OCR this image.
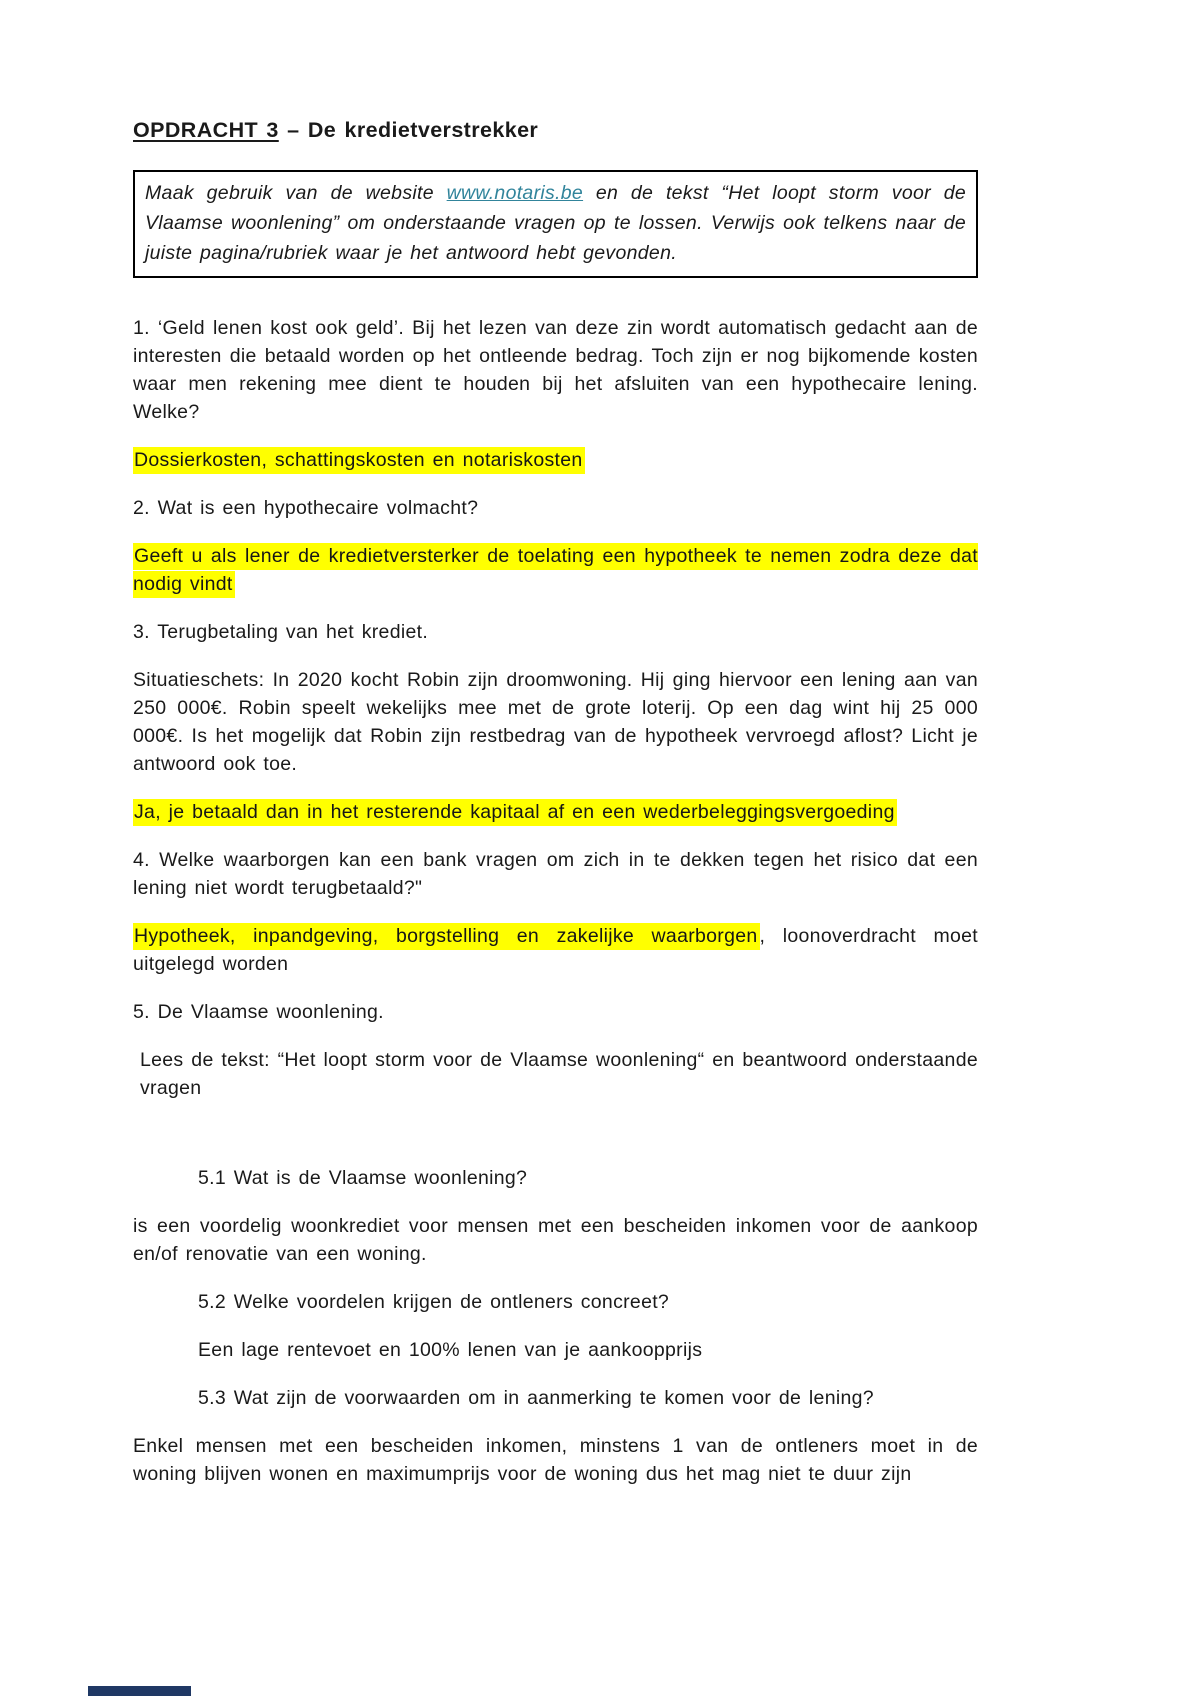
OPDRACHT 3 – De kredietverstrekker
Maak gebruik van de website www.notaris.be en de tekst “Het loopt storm voor de Vlaamse woonlening” om onderstaande vragen op te lossen. Verwijs ook telkens naar de juiste pagina/rubriek waar je het antwoord hebt gevonden.

1. ‘Geld lenen kost ook geld’. Bij het lezen van deze zin wordt automatisch gedacht aan de interesten die betaald worden op het ontleende bedrag. Toch zijn er nog bijkomende kosten waar men rekening mee dient te houden bij het afsluiten van een hypothecaire lening. Welke?

Dossierkosten, schattingskosten en notariskosten

2. Wat is een hypothecaire volmacht?

Geeft u als lener de kredietversterker de toelating een hypotheek te nemen zodra deze dat nodig vindt

3. Terugbetaling van het krediet.

Situatieschets: In 2020 kocht Robin zijn droomwoning. Hij ging hiervoor een lening aan van 250 000€. Robin speelt wekelijks mee met de grote loterij. Op een dag wint hij 25 000 000€. Is het mogelijk dat Robin zijn restbedrag van de hypotheek vervroegd aflost? Licht je antwoord ook toe.

Ja, je betaald dan in het resterende kapitaal af en een wederbeleggingsvergoeding

4. Welke waarborgen kan een bank vragen om zich in te dekken tegen het risico dat een lening niet wordt terugbetaald?"

Hypotheek, inpandgeving, borgstelling en zakelijke waarborgen , loonoverdracht moet uitgelegd worden

5. De Vlaamse woonlening.

Lees de tekst: “Het loopt storm voor de Vlaamse woonlening“ en beantwoord onderstaande vragen

5.1 Wat is de Vlaamse woonlening?

is een voordelig woonkrediet voor mensen met een bescheiden inkomen voor de aankoop en/of renovatie van een woning.

5.2 Welke voordelen krijgen de ontleners concreet?

Een lage rentevoet en 100% lenen van je aankoopprijs

5.3 Wat zijn de voorwaarden om in aanmerking te komen voor de lening?

Enkel mensen met een bescheiden inkomen, minstens 1 van de ontleners moet in de woning blijven wonen en maximumprijs voor de woning dus het mag niet te duur zijn
